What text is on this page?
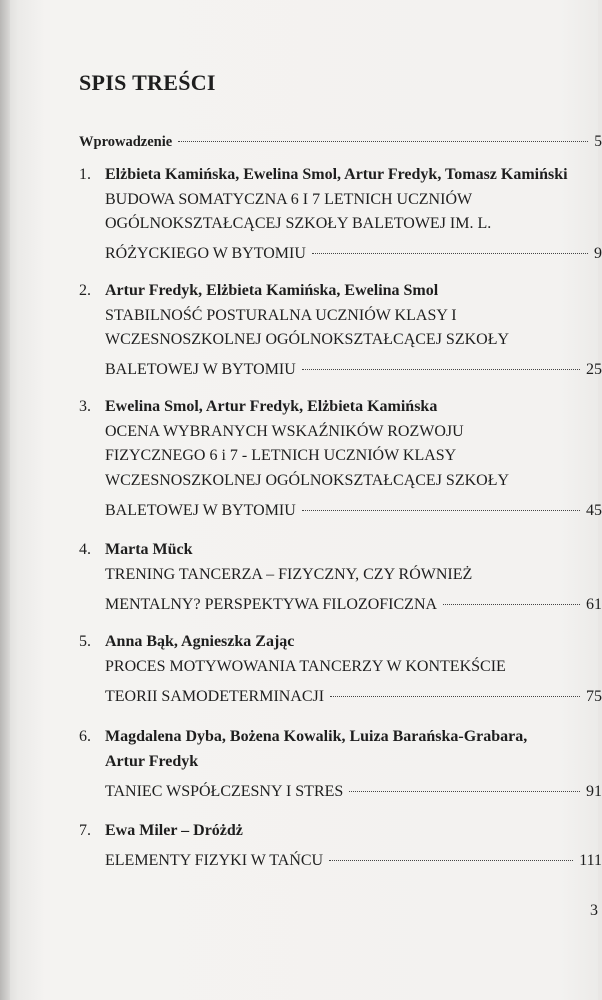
SPIS TREŚCI
Wprowadzenie	5
1. Elżbieta Kamińska, Ewelina Smol, Artur Fredyk, Tomasz Kamiński
BUDOWA SOMATYCZNA 6 I 7 LETNICH UCZNIÓW
OGÓLNOKSZTAŁCĄCEJ SZKOŁY BALETOWEJ IM. L.
RÓŻYCKIEGO W BYTOMIU	9
2. Artur Fredyk, Elżbieta Kamińska, Ewelina Smol
STABILNOŚĆ POSTURALNA UCZNIÓW KLASY I
WCZESNOSZKOLNEJ OGÓLNOKSZTAŁCĄCEJ SZKOŁY
BALETOWEJ W BYTOMIU	25
3. Ewelina Smol, Artur Fredyk, Elżbieta Kamińska
OCENA WYBRANYCH WSKAŹNIKÓW ROZWOJU
FIZYCZNEGO 6 i 7 - LETNICH UCZNIÓW KLASY
WCZESNOSZKOLNEJ OGÓLNOKSZTAŁCĄCEJ SZKOŁY
BALETOWEJ W BYTOMIU	45
4. Marta Mück
TRENING TANCERZA – FIZYCZNY, CZY RÓWNIEŻ
MENTALNY? PERSPEKTYWA FILOZOFICZNA	61
5. Anna Bąk, Agnieszka Zając
PROCES MOTYWOWANIA TANCERZY W KONTEKŚCIE
TEORII SAMODETERMINACJI	75
6. Magdalena Dyba, Bożena Kowalik, Luiza Barańska-Grabara,
Artur Fredyk
TANIEC WSPÓŁCZESNY I STRES	91
7. Ewa Miler – Dróżdż
ELEMENTY FIZYKI W TAŃCU	111
3
